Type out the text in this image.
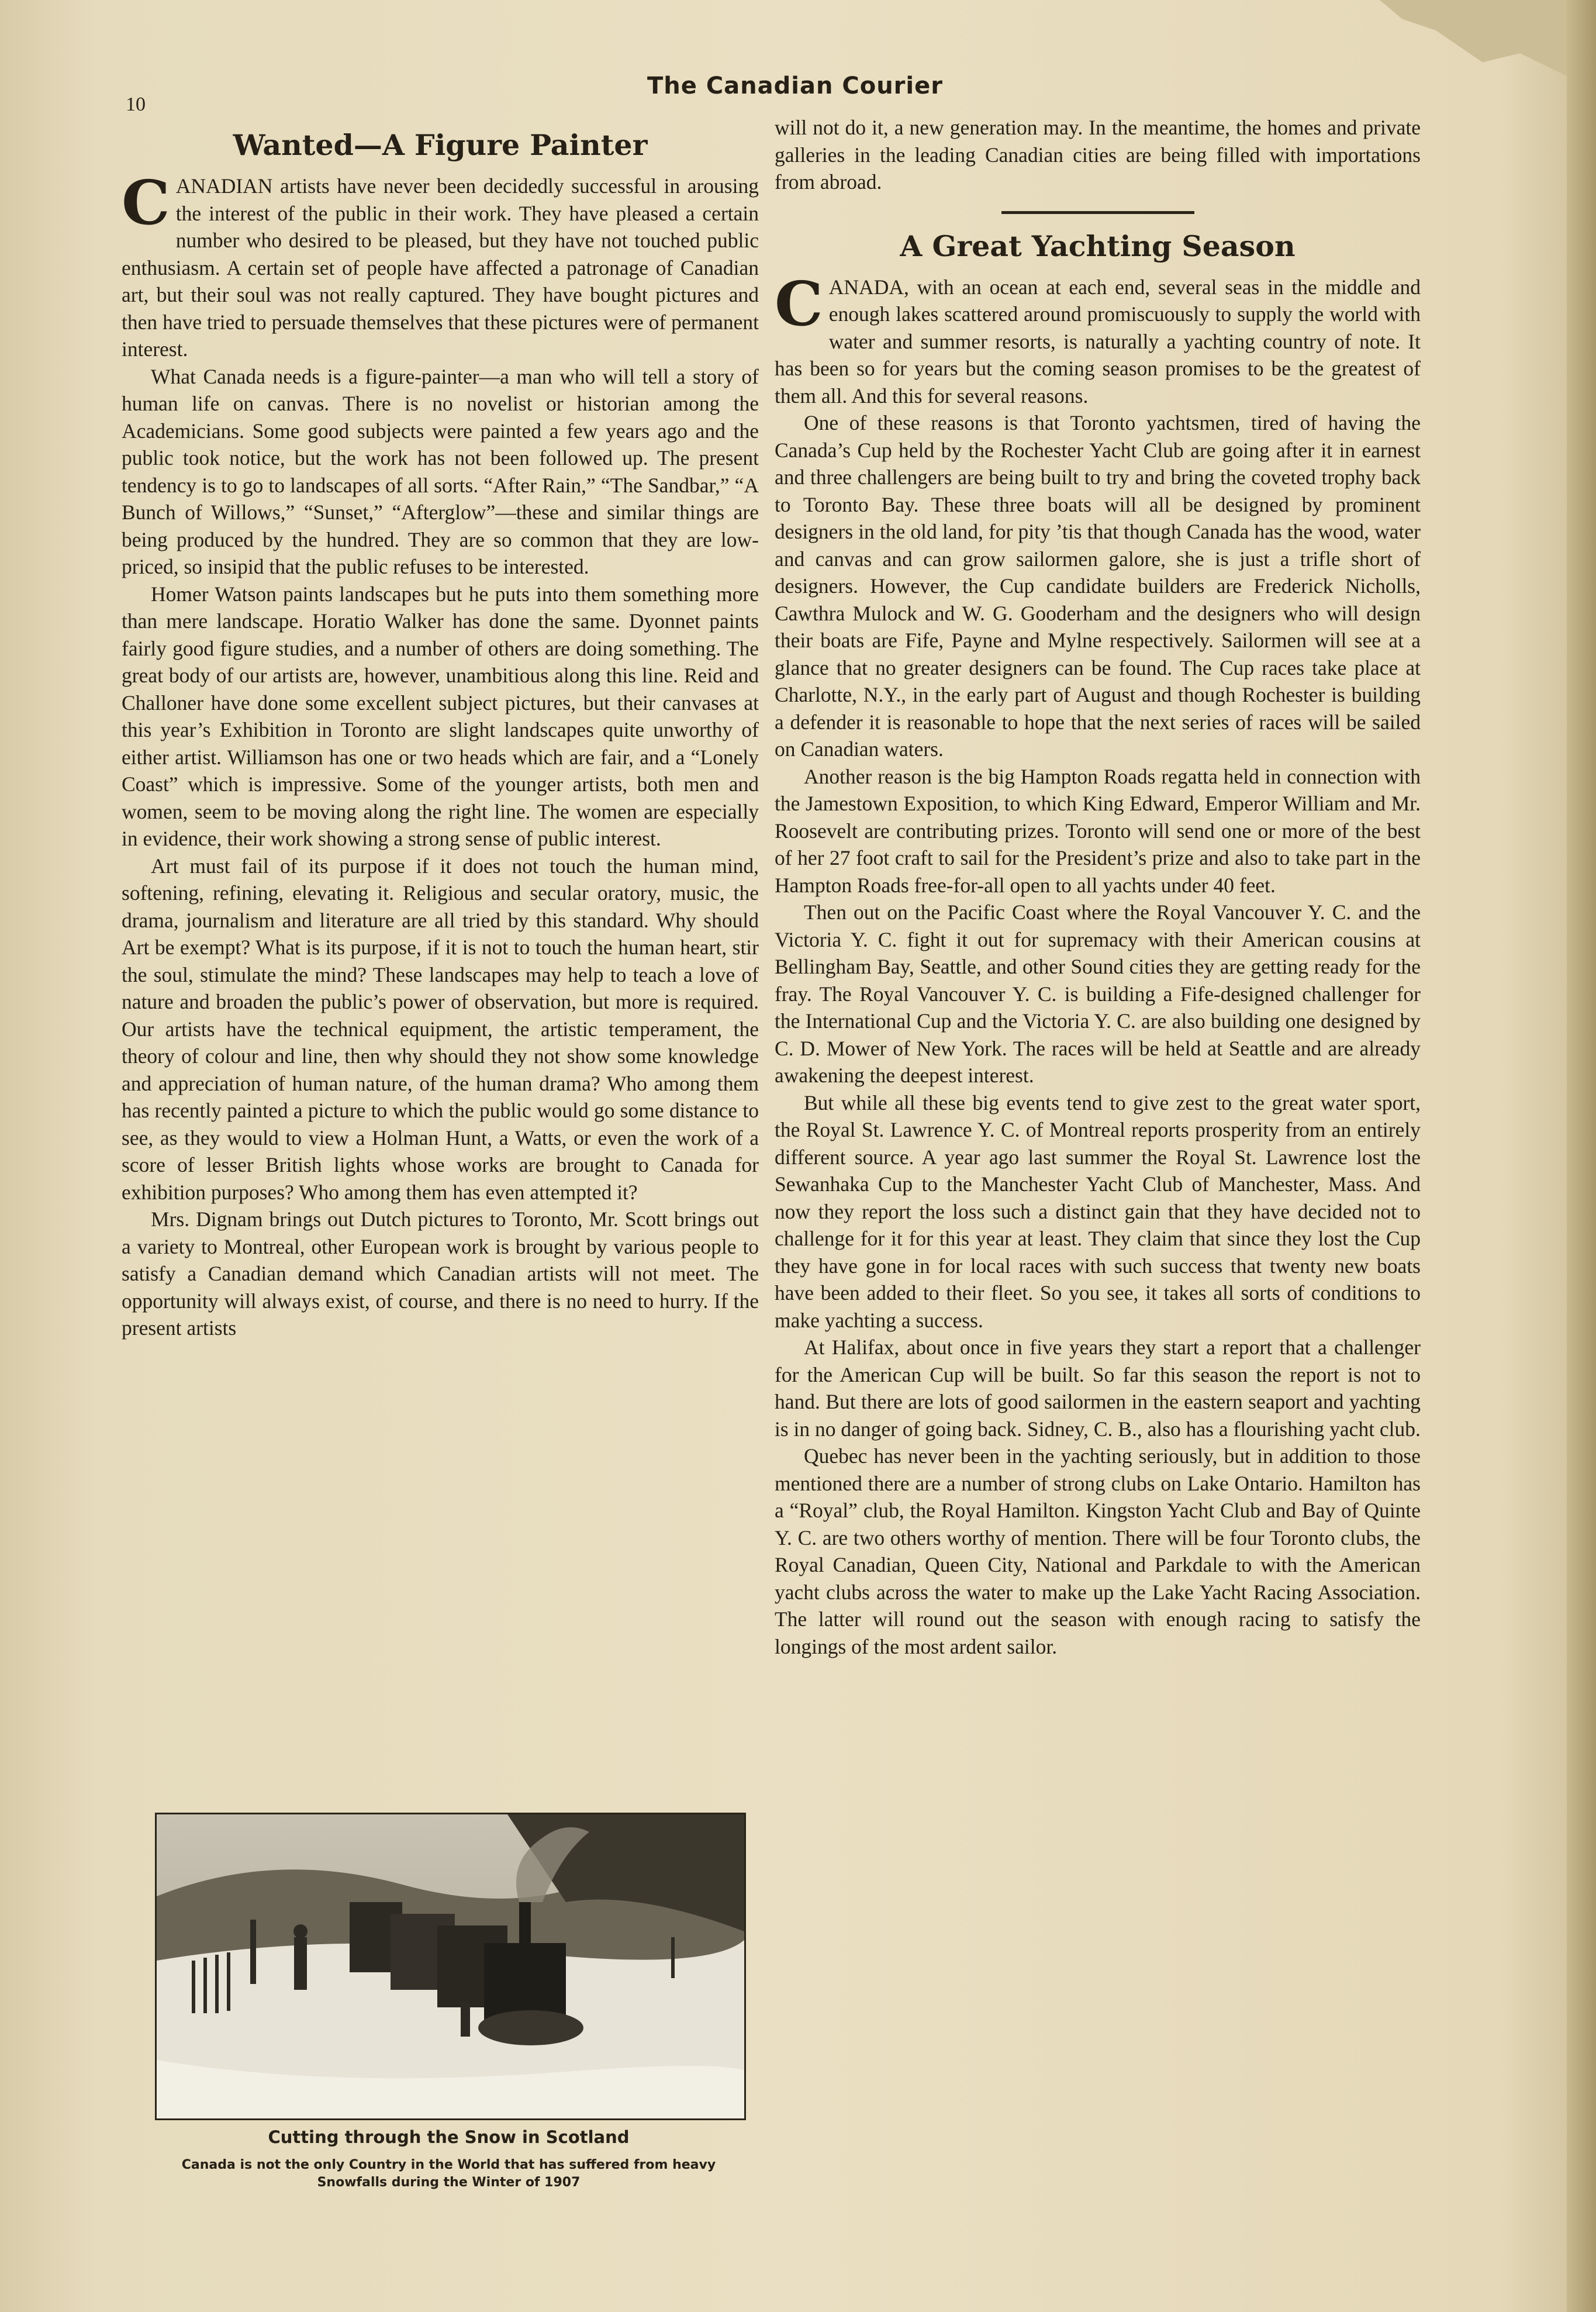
10
The Canadian Courier
Wanted—A Figure Painter

CANADIAN artists have never been decidedly successful in arousing the interest of the public in their work. They have pleased a certain number who desired to be pleased, but they have not touched public enthusiasm. A certain set of people have affected a patronage of Canadian art, but their soul was not really captured. They have bought pictures and then have tried to persuade themselves that these pictures were of permanent interest.

What Canada needs is a figure-painter—a man who will tell a story of human life on canvas. There is no novelist or historian among the Academicians. Some good subjects were painted a few years ago and the public took notice, but the work has not been followed up. The present tendency is to go to landscapes of all sorts. “After Rain,” “The Sandbar,” “A Bunch of Willows,” “Sunset,” “Afterglow”—these and similar things are being produced by the hundred. They are so common that they are low-priced, so insipid that the public refuses to be interested.

Homer Watson paints landscapes but he puts into them something more than mere landscape. Horatio Walker has done the same. Dyonnet paints fairly good figure studies, and a number of others are doing something. The great body of our artists are, however, unambitious along this line. Reid and Challoner have done some excellent subject pictures, but their canvases at this year’s Exhibition in Toronto are slight landscapes quite unworthy of either artist. Williamson has one or two heads which are fair, and a “Lonely Coast” which is impressive. Some of the younger artists, both men and women, seem to be moving along the right line. The women are especially in evidence, their work showing a strong sense of public interest.

Art must fail of its purpose if it does not touch the human mind, softening, refining, elevating it. Religious and secular oratory, music, the drama, journalism and literature are all tried by this standard. Why should Art be exempt? What is its purpose, if it is not to touch the human heart, stir the soul, stimulate the mind? These landscapes may help to teach a love of nature and broaden the public’s power of observation, but more is required. Our artists have the technical equipment, the artistic temperament, the theory of colour and line, then why should they not show some knowledge and appreciation of human nature, of the human drama? Who among them has recently painted a picture to which the public would go some distance to see, as they would to view a Holman Hunt, a Watts, or even the work of a score of lesser British lights whose works are brought to Canada for exhibition purposes? Who among them has even attempted it?

Mrs. Dignam brings out Dutch pictures to Toronto, Mr. Scott brings out a variety to Montreal, other European work is brought by various people to satisfy a Canadian demand which Canadian artists will not meet. The opportunity will always exist, of course, and there is no need to hurry. If the present artists

Cutting through the Snow in Scotland
Canada is not the only Country in the World that has suffered from heavy Snowfalls during the Winter of 1907

will not do it, a new generation may. In the meantime, the homes and private galleries in the leading Canadian cities are being filled with importations from abroad.

A Great Yachting Season

CANADA, with an ocean at each end, several seas in the middle and enough lakes scattered around promiscuously to supply the world with water and summer resorts, is naturally a yachting country of note. It has been so for years but the coming season promises to be the greatest of them all. And this for several reasons.

One of these reasons is that Toronto yachtsmen, tired of having the Canada’s Cup held by the Rochester Yacht Club are going after it in earnest and three challengers are being built to try and bring the coveted trophy back to Toronto Bay. These three boats will all be designed by prominent designers in the old land, for pity ’tis that though Canada has the wood, water and canvas and can grow sailormen galore, she is just a trifle short of designers. However, the Cup candidate builders are Frederick Nicholls, Cawthra Mulock and W. G. Gooderham and the designers who will design their boats are Fife, Payne and Mylne respectively. Sailormen will see at a glance that no greater designers can be found. The Cup races take place at Charlotte, N.Y., in the early part of August and though Rochester is building a defender it is reasonable to hope that the next series of races will be sailed on Canadian waters.

Another reason is the big Hampton Roads regatta held in connection with the Jamestown Exposition, to which King Edward, Emperor William and Mr. Roosevelt are contributing prizes. Toronto will send one or more of the best of her 27 foot craft to sail for the President’s prize and also to take part in the Hampton Roads free-for-all open to all yachts under 40 feet.

Then out on the Pacific Coast where the Royal Vancouver Y. C. and the Victoria Y. C. fight it out for supremacy with their American cousins at Bellingham Bay, Seattle, and other Sound cities they are getting ready for the fray. The Royal Vancouver Y. C. is building a Fife-designed challenger for the International Cup and the Victoria Y. C. are also building one designed by C. D. Mower of New York. The races will be held at Seattle and are already awakening the deepest interest.

But while all these big events tend to give zest to the great water sport, the Royal St. Lawrence Y. C. of Montreal reports prosperity from an entirely different source. A year ago last summer the Royal St. Lawrence lost the Sewanhaka Cup to the Manchester Yacht Club of Manchester, Mass. And now they report the loss such a distinct gain that they have decided not to challenge for it for this year at least. They claim that since they lost the Cup they have gone in for local races with such success that twenty new boats have been added to their fleet. So you see, it takes all sorts of conditions to make yachting a success.

At Halifax, about once in five years they start a report that a challenger for the American Cup will be built. So far this season the report is not to hand. But there are lots of good sailormen in the eastern seaport and yachting is in no danger of going back. Sidney, C. B., also has a flourishing yacht club.

Quebec has never been in the yachting seriously, but in addition to those mentioned there are a number of strong clubs on Lake Ontario. Hamilton has a “Royal” club, the Royal Hamilton. Kingston Yacht Club and Bay of Quinte Y. C. are two others worthy of mention. There will be four Toronto clubs, the Royal Canadian, Queen City, National and Parkdale to with the American yacht clubs across the water to make up the Lake Yacht Racing Association. The latter will round out the season with enough racing to satisfy the longings of the most ardent sailor.
